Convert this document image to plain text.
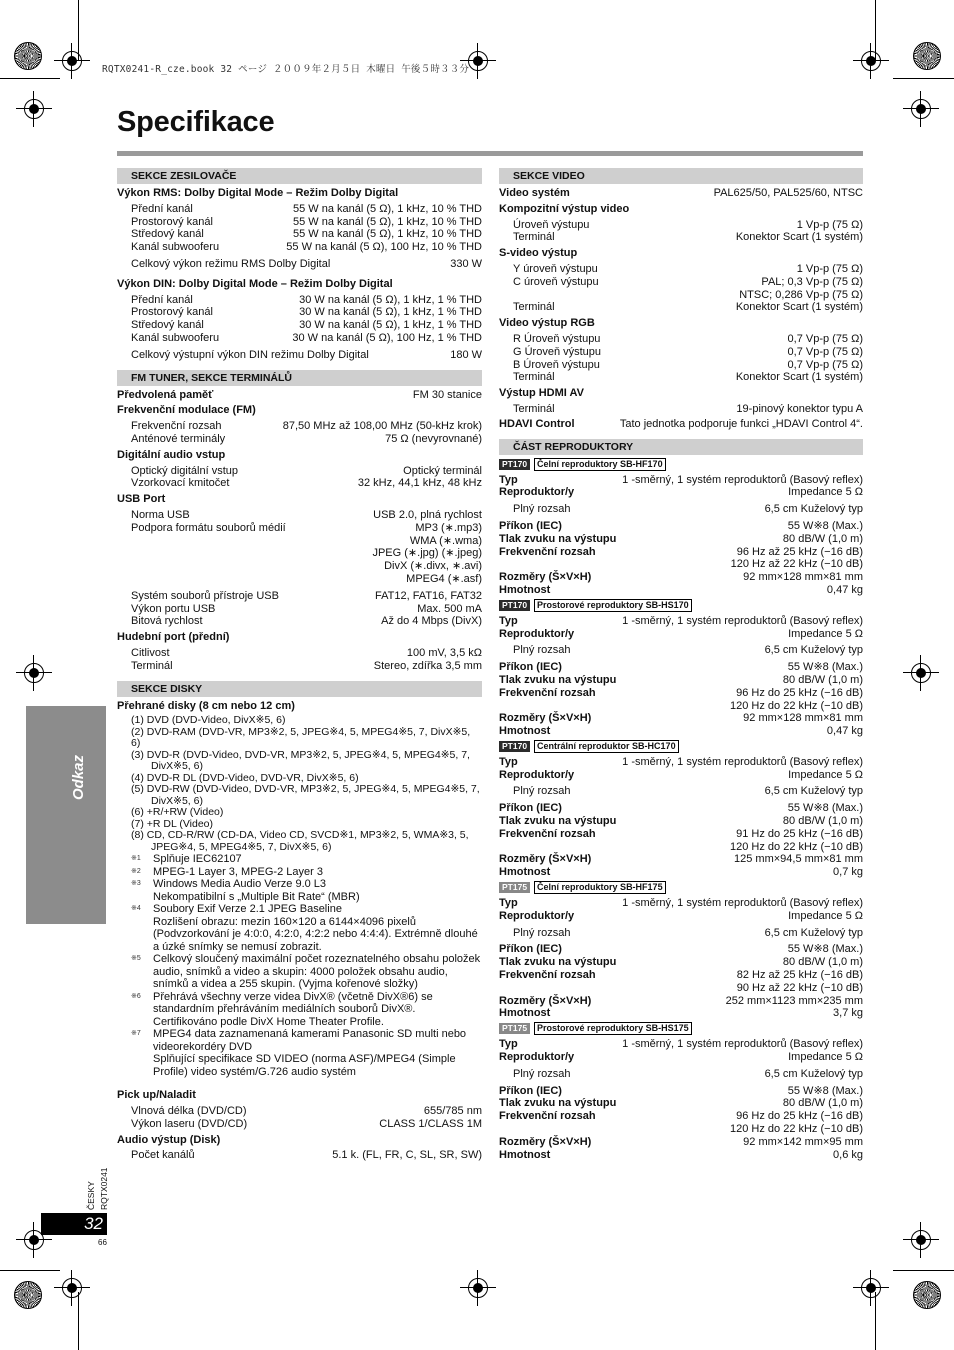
RQTX0241-R_cze.book 32 ページ ２００９年２月５日 木曜日 午後５時３３分
Specifikace
Odkaz
ČESKY RQTX0241
32
66
SEKCE ZESILOVAČE
Výkon RMS: Dolby Digital Mode – Režim Dolby Digital
Přední kanál	55 W na kanál (5 Ω), 1 kHz, 10 % THD
Prostorový kanál	55 W na kanál (5 Ω), 1 kHz, 10 % THD
Středový kanál	55 W na kanál (5 Ω), 1 kHz, 10 % THD
Kanál subwooferu	55 W na kanál (5 Ω), 100 Hz, 10 % THD
Celkový výkon režimu RMS Dolby Digital	330 W
Výkon DIN: Dolby Digital Mode – Režim Dolby Digital
Přední kanál	30 W na kanál (5 Ω), 1 kHz, 1 % THD
Prostorový kanál	30 W na kanál (5 Ω), 1 kHz, 1 % THD
Středový kanál	30 W na kanál (5 Ω), 1 kHz, 1 % THD
Kanál subwooferu	30 W na kanál (5 Ω), 100 Hz, 1 % THD
Celkový výstupní výkon DIN režimu Dolby Digital	180 W
FM TUNER, SEKCE TERMINÁLŮ
Předvolená paměť	FM 30 stanice
Frekvenční modulace (FM)
Frekvenční rozsah	87,50 MHz až 108,00 MHz (50-kHz krok)
Anténové terminály	75 Ω (nevyrovnané)
Digitální audio vstup
Optický digitální vstup	Optický terminál
Vzorkovací kmitočet	32 kHz, 44,1 kHz, 48 kHz
USB Port
Norma USB	USB 2.0, plná rychlost
Podpora formátu souborů médií	MP3 (∗.mp3)
WMA (∗.wma)
JPEG (∗.jpg) (∗.jpeg)
DivX (∗.divx, ∗.avi)
MPEG4 (∗.asf)
Systém souborů přístroje USB	FAT12, FAT16, FAT32
Výkon portu USB	Max. 500 mA
Bitová rychlost	Až do 4 Mbps (DivX)
Hudební port (přední)
Citlivost	100 mV, 3,5 kΩ
Terminál	Stereo, zdířka 3,5 mm
SEKCE DISKY
Přehrané disky (8 cm nebo 12 cm)
(1) DVD (DVD-Video, DivX※5, 6)
(2) DVD-RAM (DVD-VR, MP3※2, 5, JPEG※4, 5, MPEG4※5, 7, DivX※5, 6)
(3) DVD-R (DVD-Video, DVD-VR, MP3※2, 5, JPEG※4, 5, MPEG4※5, 7,
DivX※5, 6)
(4) DVD-R DL (DVD-Video, DVD-VR, DivX※5, 6)
(5) DVD-RW (DVD-Video, DVD-VR, MP3※2, 5, JPEG※4, 5, MPEG4※5, 7,
DivX※5, 6)
(6) +R/+RW (Video)
(7) +R DL (Video)
(8) CD, CD-R/RW (CD-DA, Video CD, SVCD※1, MP3※2, 5, WMA※3, 5,
JPEG※4, 5, MPEG4※5, 7, DivX※5, 6)
※1	Splňuje IEC62107
※2	MPEG-1 Layer 3, MPEG-2 Layer 3
※3	Windows Media Audio Verze 9.0 L3
Nekompatibilní s „Multiple Bit Rate“ (MBR)
※4	Soubory Exif Verze 2.1 JPEG Baseline
Rozlišení obrazu: mezin 160×120 a 6144×4096 pixelů (Podvzorkování je 4:0:0, 4:2:0, 4:2:2 nebo 4:4:4). Extrémně dlouhé a úzké snímky se nemusí zobrazit.
※5	Celkový sloučený maximální počet rozeznatelného obsahu položek audio, snímků a video a skupin: 4000 položek obsahu audio, snímků a videa a 255 skupin. (Vyjma kořenové složky)
※6	Přehrává všechny verze videa DivX® (včetně DivX®6) se standardním přehráváním mediálních souborů DivX®.
Certifikováno podle DivX Home Theater Profile.
※7	MPEG4 data zaznamenaná kamerami Panasonic SD multi nebo videorekordéry DVD
Splňující specifikace SD VIDEO (norma ASF)/MPEG4 (Simple Profile) video systém/G.726 audio systém
Pick up/Naladit
Vlnová délka (DVD/CD)	655/785 nm
Výkon laseru (DVD/CD)	CLASS 1/CLASS 1M
Audio výstup (Disk)
Počet kanálů	5.1 k. (FL, FR, C, SL, SR, SW)
SEKCE VIDEO
Video systém	PAL625/50, PAL525/60, NTSC
Kompozitní výstup video
Úroveň výstupu	1 Vp-p (75 Ω)
Terminál	Konektor Scart (1 systém)
S-video výstup
Y úroveň výstupu	1 Vp-p (75 Ω)
C úroveň výstupu	PAL; 0,3 Vp-p (75 Ω)
NTSC; 0,286 Vp-p (75 Ω)
Terminál	Konektor Scart (1 systém)
Video výstup RGB
R Úroveň výstupu	0,7 Vp-p (75 Ω)
G Úroveň výstupu	0,7 Vp-p (75 Ω)
B Úroveň výstupu	0,7 Vp-p (75 Ω)
Terminál	Konektor Scart (1 systém)
Výstup HDMI AV
Terminál	19-pinový konektor typu A
HDAVI Control	Tato jednotka podporuje funkci „HDAVI Control 4“.
ČÁST REPRODUKTORY
PT170	Čelní reproduktory SB-HF170
Typ	1 -směrný, 1 systém reproduktorů (Basový reflex)
Reproduktor/y	Impedance 5 Ω
Plný rozsah	6,5 cm Kuželový typ
Příkon (IEC)	55 W※8 (Max.)
Tlak zvuku na výstupu	80 dB/W (1,0 m)
Frekvenční rozsah	96 Hz až 25 kHz (−16 dB)
120 Hz až 22 kHz (−10 dB)
Rozměry (Š×V×H)	92 mm×128 mm×81 mm
Hmotnost	0,47 kg
PT170	Prostorové reproduktory SB-HS170
Typ	1 -směrný, 1 systém reproduktorů (Basový reflex)
Reproduktor/y	Impedance 5 Ω
Plný rozsah	6,5 cm Kuželový typ
Příkon (IEC)	55 W※8 (Max.)
Tlak zvuku na výstupu	80 dB/W (1,0 m)
Frekvenční rozsah	96 Hz do 25 kHz (−16 dB)
120 Hz do 22 kHz (−10 dB)
Rozměry (Š×V×H)	92 mm×128 mm×81 mm
Hmotnost	0,47 kg
PT170	Centrální reproduktor SB-HC170
Typ	1 -směrný, 1 systém reproduktorů (Basový reflex)
Reproduktor/y	Impedance 5 Ω
Plný rozsah	6,5 cm Kuželový typ
Příkon (IEC)	55 W※8 (Max.)
Tlak zvuku na výstupu	80 dB/W (1,0 m)
Frekvenční rozsah	91 Hz do 25 kHz (−16 dB)
120 Hz do 22 kHz (−10 dB)
Rozměry (Š×V×H)	125 mm×94,5 mm×81 mm
Hmotnost	0,7 kg
PT175	Čelní reproduktory SB-HF175
Typ	1 -směrný, 1 systém reproduktorů (Basový reflex)
Reproduktor/y	Impedance 5 Ω
Plný rozsah	6,5 cm Kuželový typ
Příkon (IEC)	55 W※8 (Max.)
Tlak zvuku na výstupu	80 dB/W (1,0 m)
Frekvenční rozsah	82 Hz až 25 kHz (−16 dB)
90 Hz až 22 kHz (−10 dB)
Rozměry (Š×V×H)	252 mm×1123 mm×235 mm
Hmotnost	3,7 kg
PT175	Prostorové reproduktory SB-HS175
Typ	1 -směrný, 1 systém reproduktorů (Basový reflex)
Reproduktor/y	Impedance 5 Ω
Plný rozsah	6,5 cm Kuželový typ
Příkon (IEC)	55 W※8 (Max.)
Tlak zvuku na výstupu	80 dB/W (1,0 m)
Frekvenční rozsah	96 Hz do 25 kHz (−16 dB)
120 Hz do 22 kHz (−10 dB)
Rozměry (Š×V×H)	92 mm×142 mm×95 mm
Hmotnost	0,6 kg
